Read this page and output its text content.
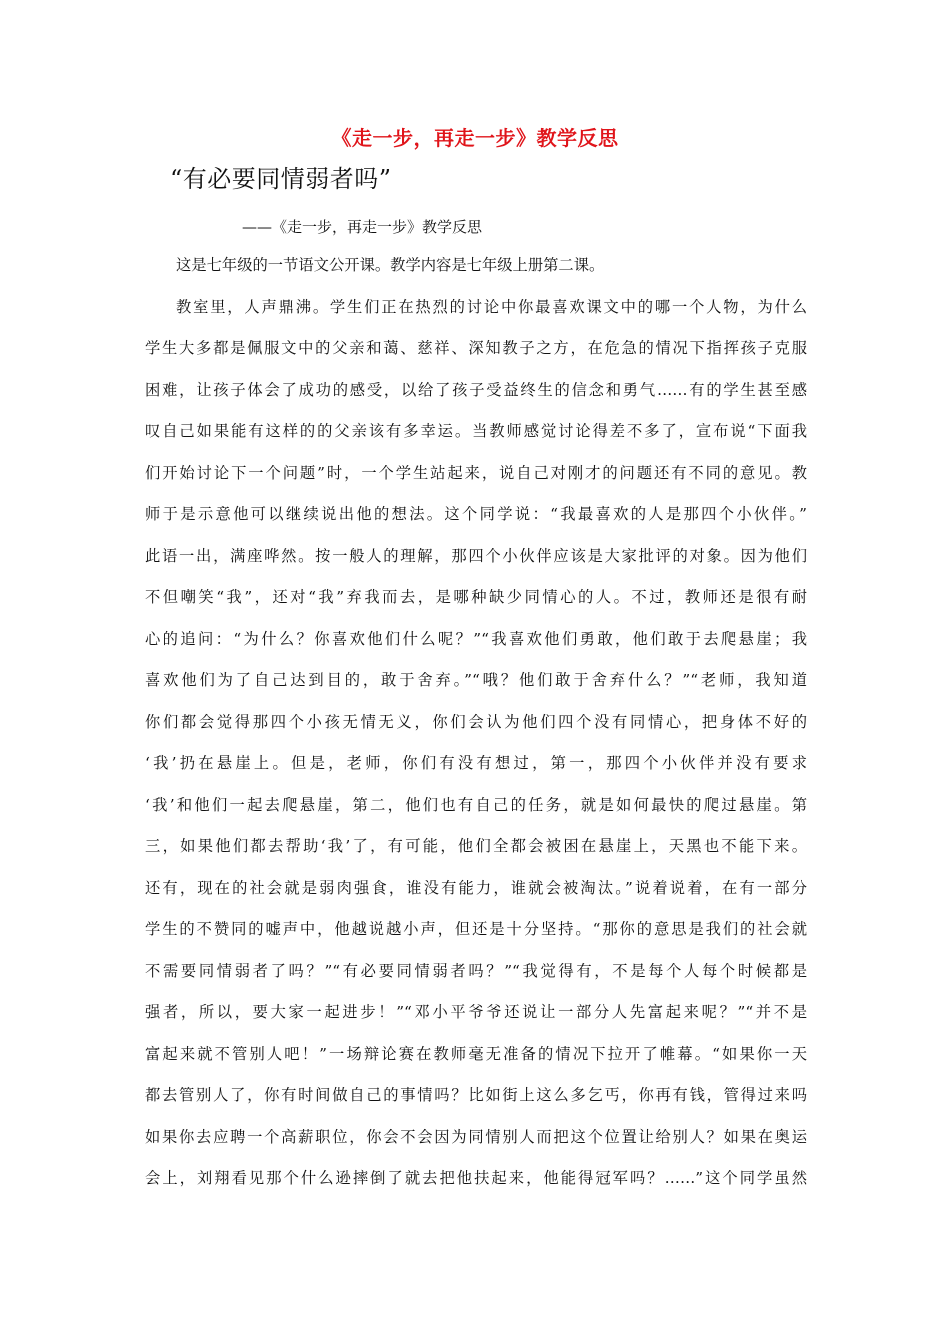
《走一步，再走一步》教学反思
“有必要同情弱者吗”
——《走一步，再走一步》教学反思
这是七年级的一节语文公开课。教学内容是七年级上册第二课。
教室里，人声鼎沸。学生们正在热烈的讨论中你最喜欢课文中的哪一个人物，为什么
学生大多都是佩服文中的父亲和蔼、慈祥、深知教子之方，在危急的情况下指挥孩子克服
困难，让孩子体会了成功的感受，以给了孩子受益终生的信念和勇气……有的学生甚至感
叹自己如果能有这样的的父亲该有多幸运。当教师感觉讨论得差不多了，宣布说“下面我
们开始讨论下一个问题”时，一个学生站起来，说自己对刚才的问题还有不同的意见。教
师于是示意他可以继续说出他的想法。这个同学说：“我最喜欢的人是那四个小伙伴。”
此语一出，满座哗然。按一般人的理解，那四个小伙伴应该是大家批评的对象。因为他们
不但嘲笑“我”，还对“我”弃我而去，是哪种缺少同情心的人。不过，教师还是很有耐
心的追问：“为什么？你喜欢他们什么呢？”“我喜欢他们勇敢，他们敢于去爬悬崖；我
喜欢他们为了自己达到目的，敢于舍弃。”“哦？他们敢于舍弃什么？”“老师，我知道
你们都会觉得那四个小孩无情无义，你们会认为他们四个没有同情心，把身体不好的
‘我’扔在悬崖上。但是，老师，你们有没有想过，第一，那四个小伙伴并没有要求
‘我’和他们一起去爬悬崖，第二，他们也有自己的任务，就是如何最快的爬过悬崖。第
三，如果他们都去帮助‘我’了，有可能，他们全都会被困在悬崖上，天黑也不能下来。
还有，现在的社会就是弱肉强食，谁没有能力，谁就会被淘汰。”说着说着，在有一部分
学生的不赞同的嘘声中，他越说越小声，但还是十分坚持。“那你的意思是我们的社会就
不需要同情弱者了吗？”“有必要同情弱者吗？”“我觉得有，不是每个人每个时候都是
强者，所以，要大家一起进步！”“邓小平爷爷还说让一部分人先富起来呢？”“并不是
富起来就不管别人吧！”一场辩论赛在教师毫无准备的情况下拉开了帷幕。“如果你一天
都去管别人了，你有时间做自己的事情吗？比如街上这么多乞丐，你再有钱，管得过来吗
如果你去应聘一个高薪职位，你会不会因为同情别人而把这个位置让给别人？如果在奥运
会上，刘翔看见那个什么逊摔倒了就去把他扶起来，他能得冠军吗？……”这个同学虽然
